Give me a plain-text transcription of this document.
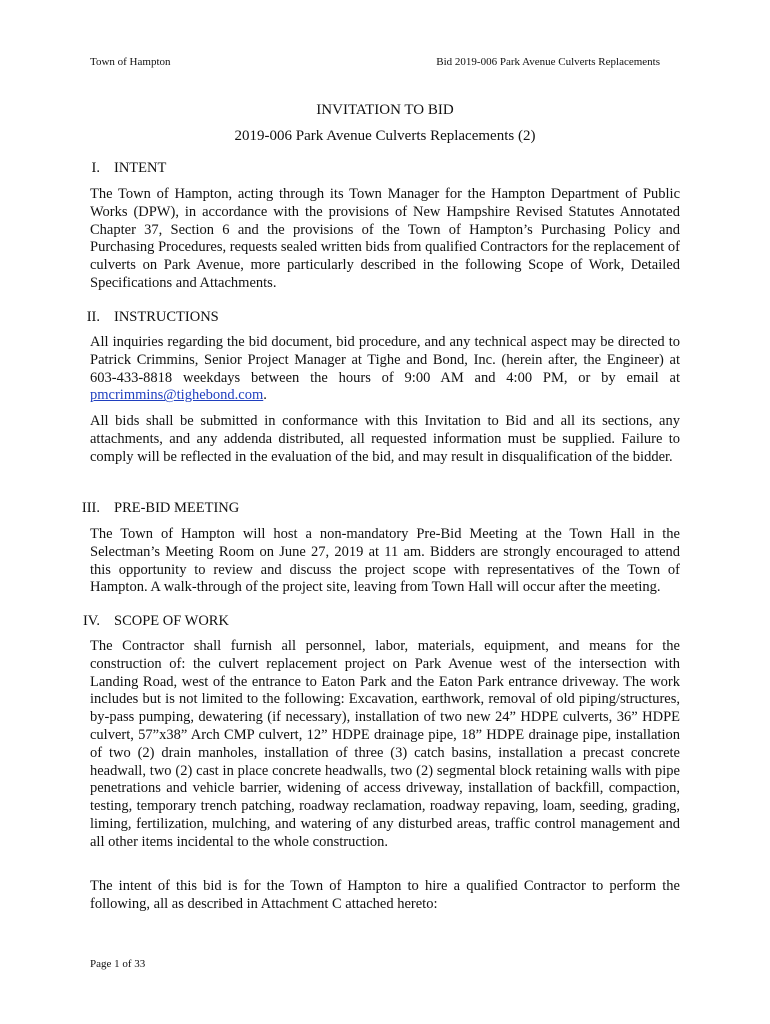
Town of Hampton	Bid 2019-006 Park Avenue Culverts Replacements
INVITATION TO BID
2019-006 Park Avenue Culverts Replacements (2)
I. INTENT
The Town of Hampton, acting through its Town Manager for the Hampton Department of Public Works (DPW), in accordance with the provisions of New Hampshire Revised Statutes Annotated Chapter 37, Section 6 and the provisions of the Town of Hampton’s Purchasing Policy and Purchasing Procedures, requests sealed written bids from qualified Contractors for the replacement of culverts on Park Avenue, more particularly described in the following Scope of Work, Detailed Specifications and Attachments.
II. INSTRUCTIONS
All inquiries regarding the bid document, bid procedure, and any technical aspect may be directed to Patrick Crimmins, Senior Project Manager at Tighe and Bond, Inc. (herein after, the Engineer) at 603-433-8818 weekdays between the hours of 9:00 AM and 4:00 PM, or by email at pmcrimmins@tighebond.com.
All bids shall be submitted in conformance with this Invitation to Bid and all its sections, any attachments, and any addenda distributed, all requested information must be supplied. Failure to comply will be reflected in the evaluation of the bid, and may result in disqualification of the bidder.
III. PRE-BID MEETING
The Town of Hampton will host a non-mandatory Pre-Bid Meeting at the Town Hall in the Selectman’s Meeting Room on June 27, 2019 at 11 am. Bidders are strongly encouraged to attend this opportunity to review and discuss the project scope with representatives of the Town of Hampton. A walk-through of the project site, leaving from Town Hall will occur after the meeting.
IV. SCOPE OF WORK
The Contractor shall furnish all personnel, labor, materials, equipment, and means for the construction of: the culvert replacement project on Park Avenue west of the intersection with Landing Road, west of the entrance to Eaton Park and the Eaton Park entrance driveway. The work includes but is not limited to the following: Excavation, earthwork, removal of old piping/structures, by-pass pumping, dewatering (if necessary), installation of two new 24” HDPE culverts, 36” HDPE culvert, 57”x38” Arch CMP culvert, 12” HDPE drainage pipe, 18” HDPE drainage pipe, installation of two (2) drain manholes, installation of three (3) catch basins, installation a precast concrete headwall, two (2) cast in place concrete headwalls, two (2) segmental block retaining walls with pipe penetrations and vehicle barrier, widening of access driveway, installation of backfill, compaction, testing, temporary trench patching, roadway reclamation, roadway repaving, loam, seeding, grading, liming, fertilization, mulching, and watering of any disturbed areas, traffic control management and all other items incidental to the whole construction.
The intent of this bid is for the Town of Hampton to hire a qualified Contractor to perform the following, all as described in Attachment C attached hereto:
Page 1 of 33
